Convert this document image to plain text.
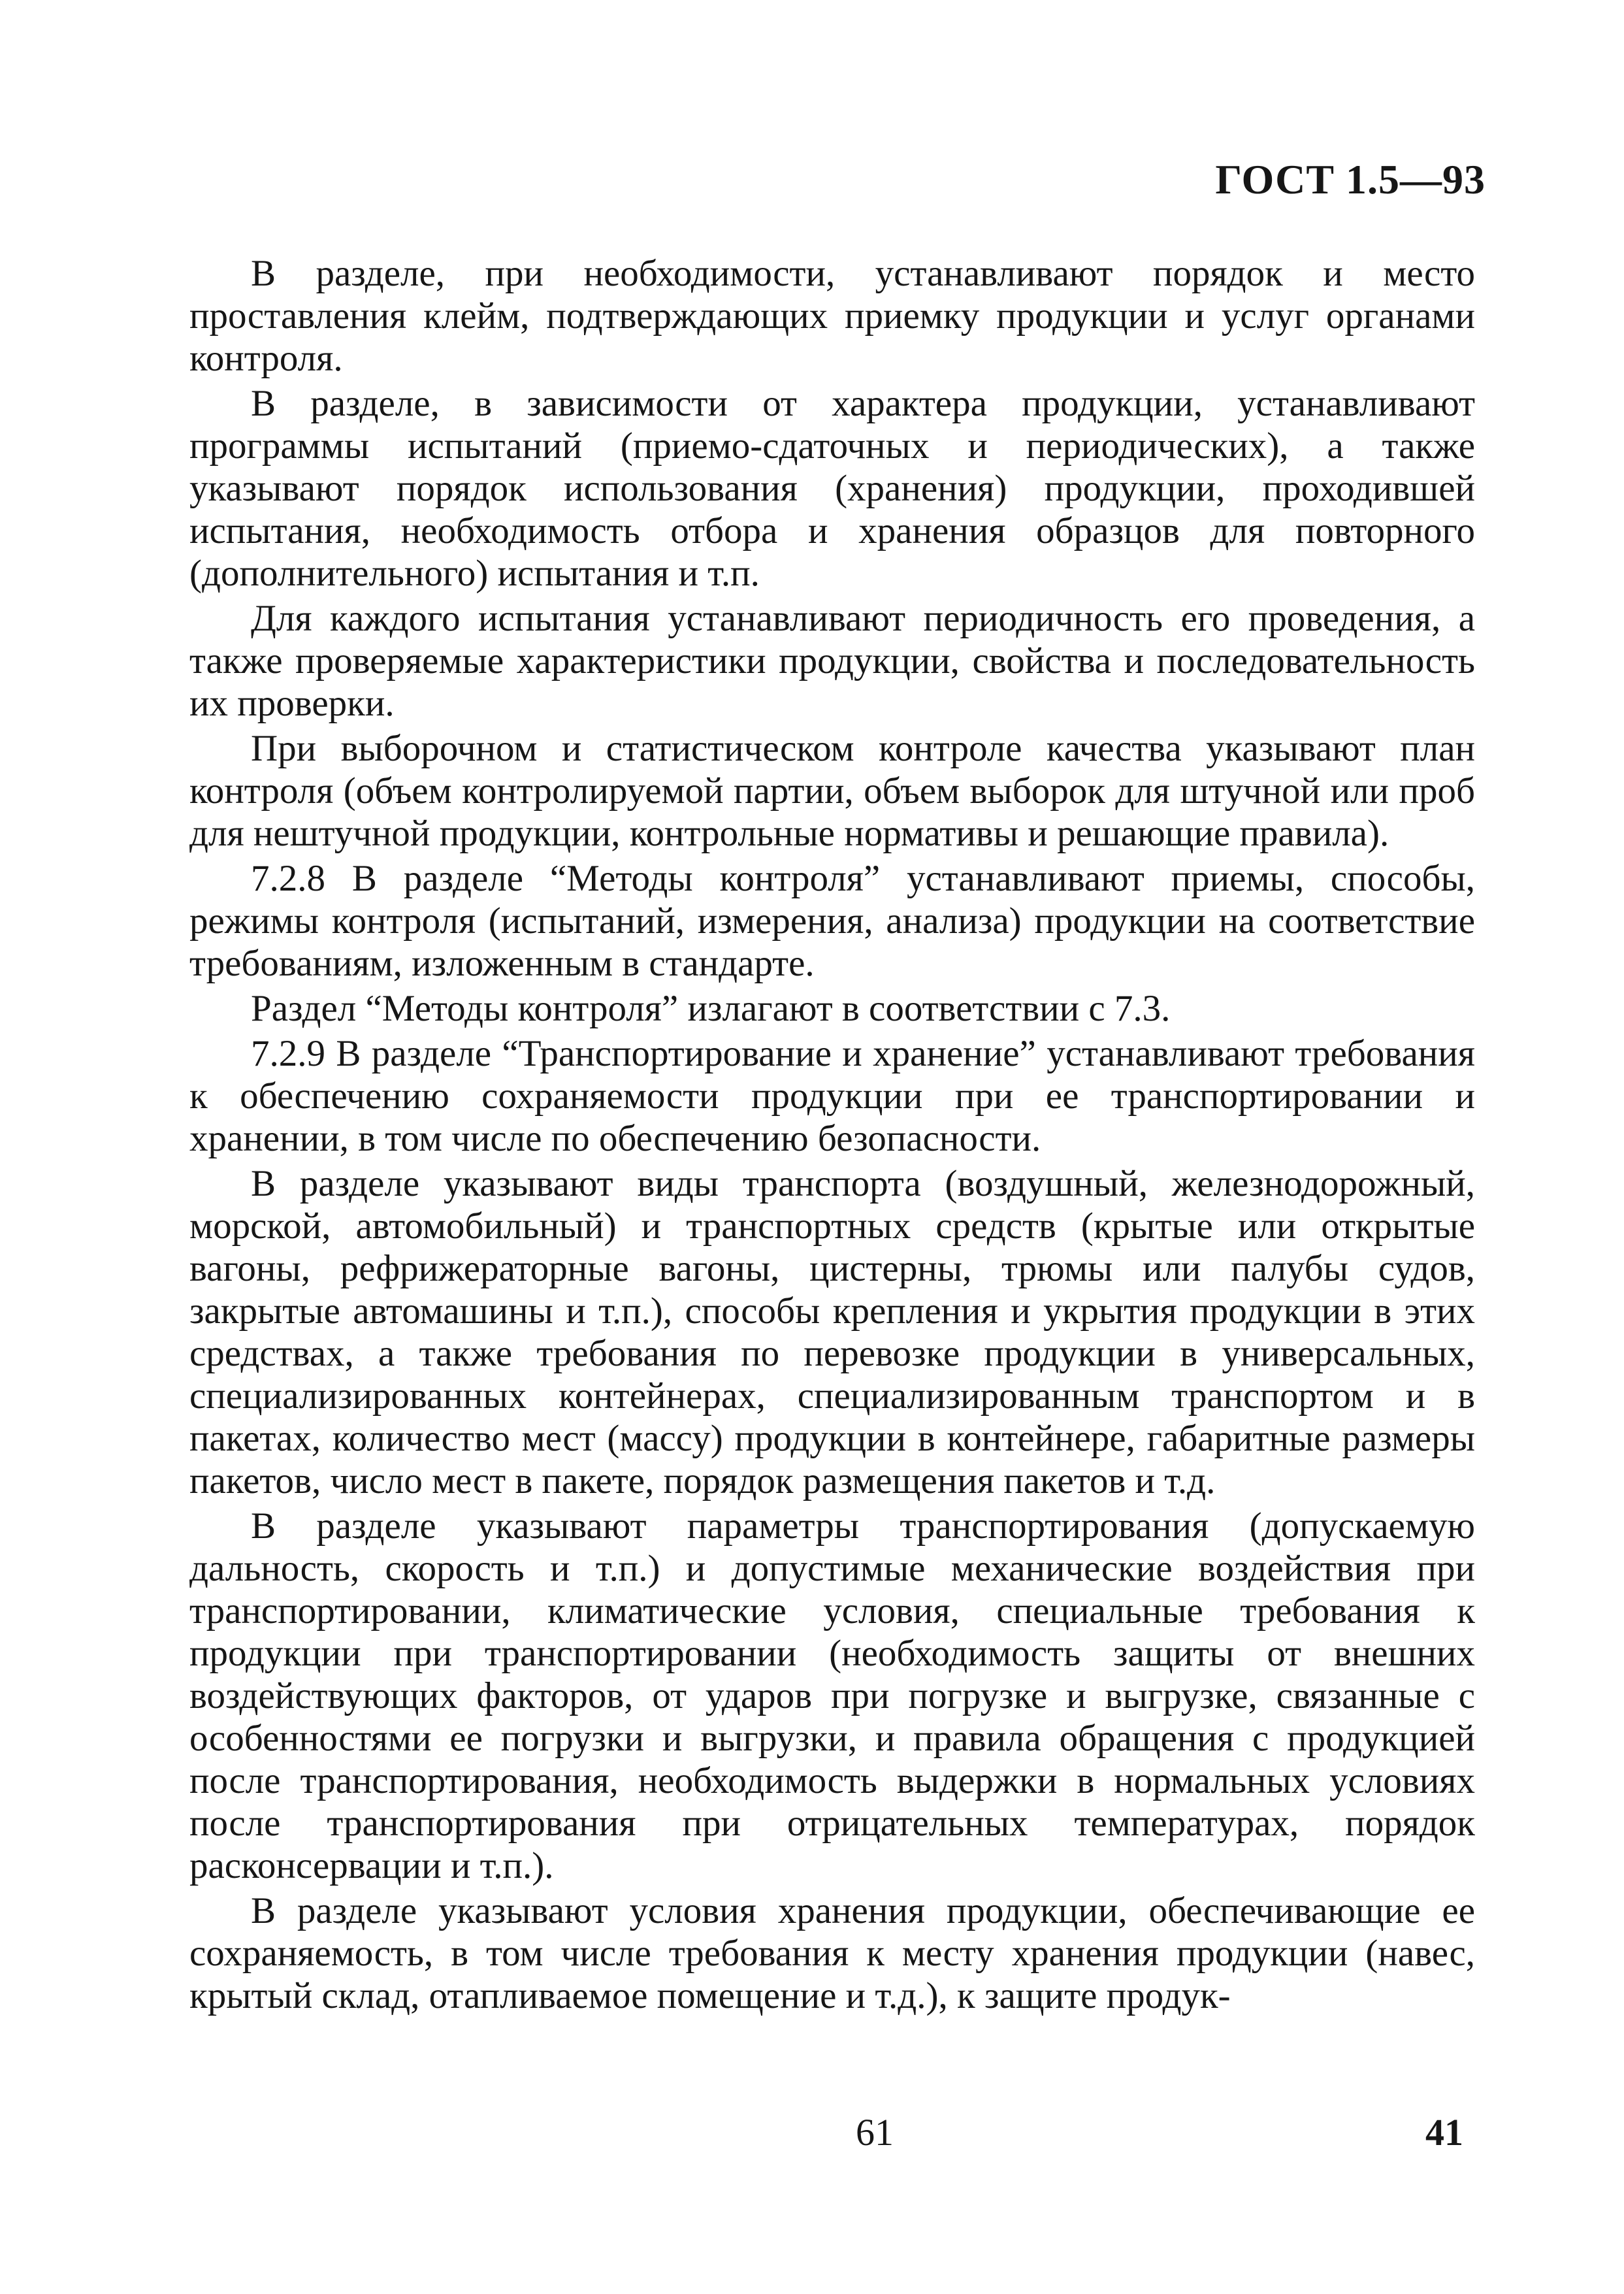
ГОСТ 1.5—93

В разделе, при необходимости, устанавливают порядок и место проставления клейм, подтверждающих приемку продукции и услуг органами контроля.

В разделе, в зависимости от характера продукции, устанавливают программы испытаний (приемо-сдаточных и периодических), а также указывают порядок использования (хранения) продукции, проходившей испытания, необходимость отбора и хранения образцов для повторного (дополнительного) испытания и т.п.

Для каждого испытания устанавливают периодичность его проведения, а также проверяемые характеристики продукции, свойства и последовательность их проверки.

При выборочном и статистическом контроле качества указывают план контроля (объем контролируемой партии, объем выборок для штучной или проб для нештучной продукции, контрольные нормативы и решающие правила).

7.2.8 В разделе “Методы контроля” устанавливают приемы, способы, режимы контроля (испытаний, измерения, анализа) продукции на соответствие требованиям, изложенным в стандарте.

Раздел “Методы контроля” излагают в соответствии с 7.3.

7.2.9 В разделе “Транспортирование и хранение” устанавливают требования к обеспечению сохраняемости продукции при ее транспортировании и хранении, в том числе по обеспечению безопасности.

В разделе указывают виды транспорта (воздушный, железнодорожный, морской, автомобильный) и транспортных средств (крытые или открытые вагоны, рефрижераторные вагоны, цистерны, трюмы или палубы судов, закрытые автомашины и т.п.), способы крепления и укрытия продукции в этих средствах, а также требования по перевозке продукции в универсальных, специализированных контейнерах, специализированным транспортом и в пакетах, количество мест (массу) продукции в контейнере, габаритные размеры пакетов, число мест в пакете, порядок размещения пакетов и т.д.

В разделе указывают параметры транспортирования (допускаемую дальность, скорость и т.п.) и допустимые механические воздействия при транспортировании, климатические условия, специальные требования к продукции при транспортировании (необходимость защиты от внешних воздействующих факторов, от ударов при погрузке и выгрузке, связанные с особенностями ее погрузки и выгрузки, и правила обращения с продукцией после транспортирования, необходимость выдержки в нормальных условиях после транспортирования при отрицательных температурах, порядок расконсервации и т.п.).

В разделе указывают условия хранения продукции, обеспечивающие ее сохраняемость, в том числе требования к месту хранения продукции (навес, крытый склад, отапливаемое помещение и т.д.), к защите продук-

61	41
